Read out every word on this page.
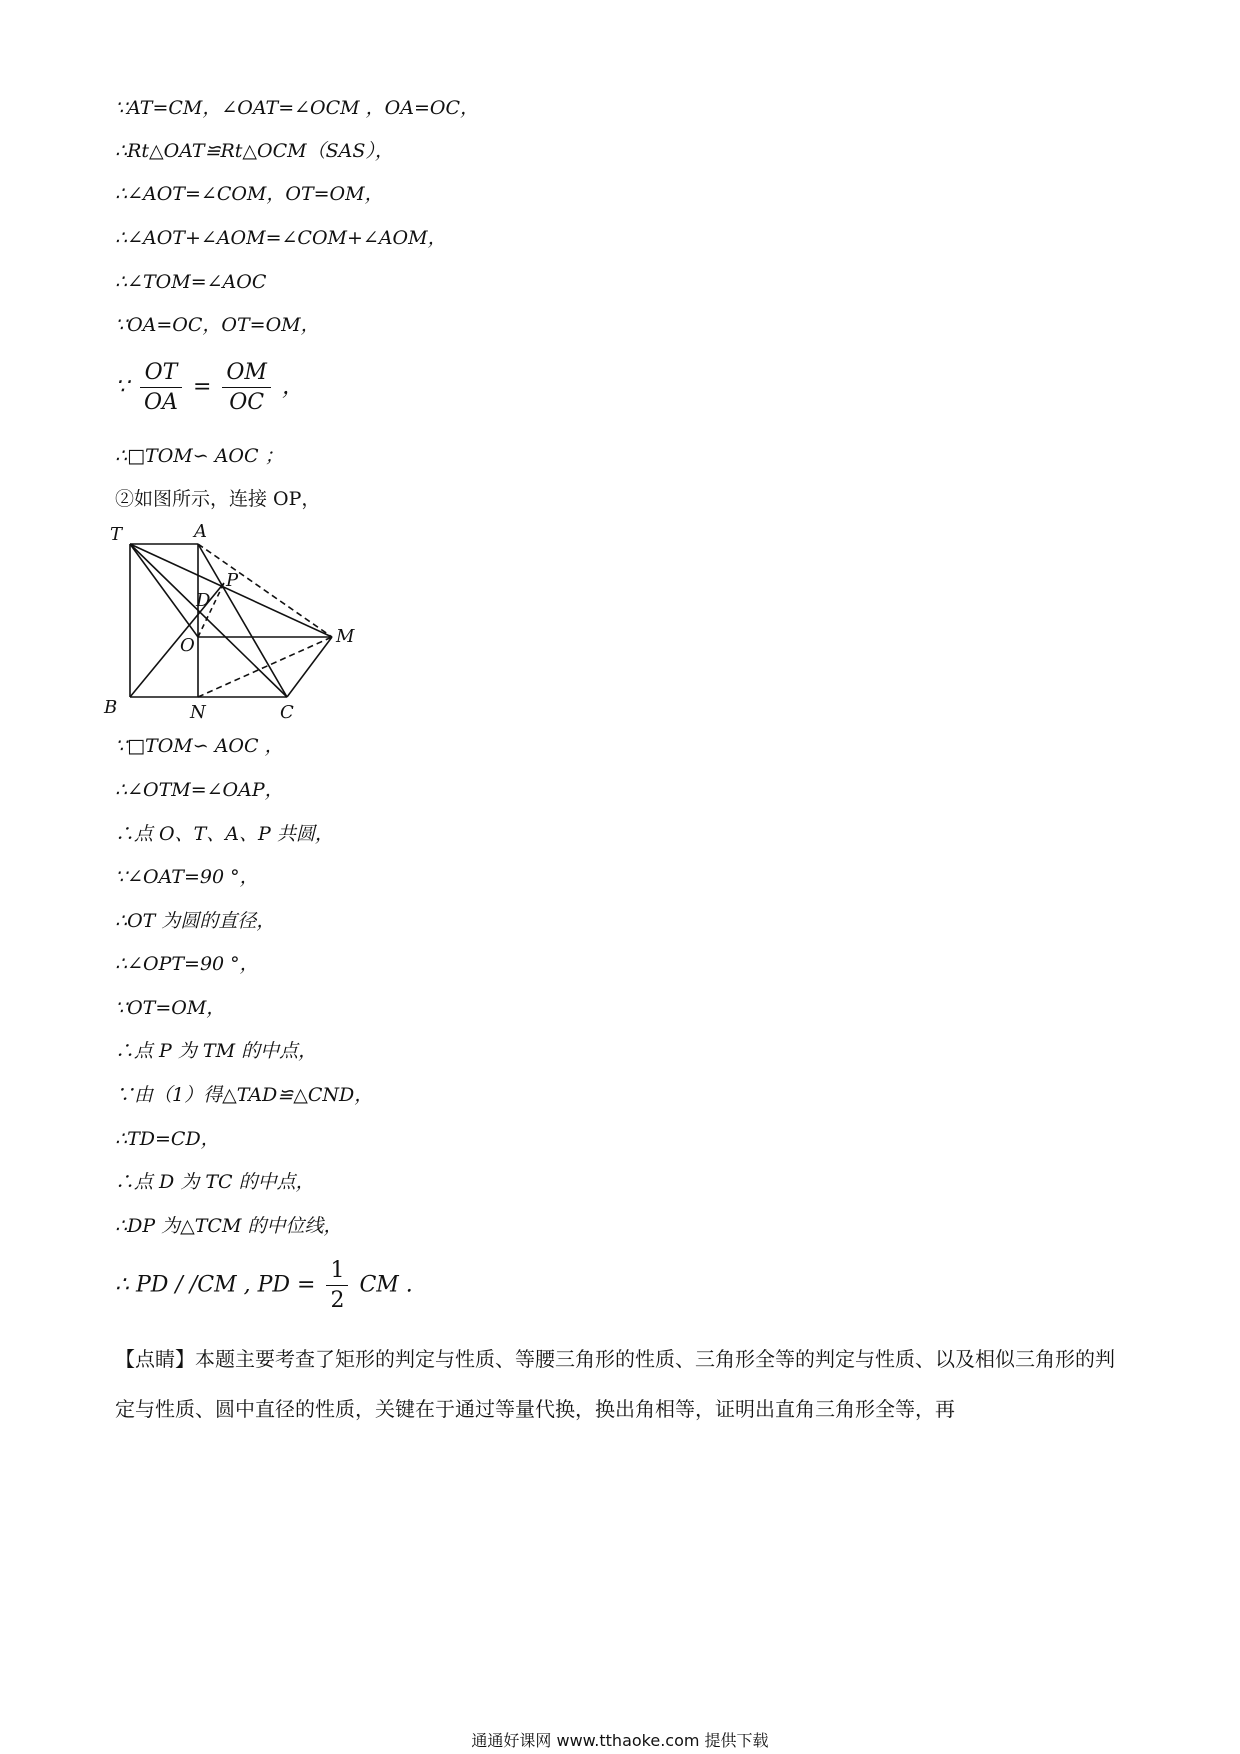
∵AT=CM，∠OAT=∠OCM ，OA=OC，
∴Rt△OAT≌Rt△OCM（SAS），
∴∠AOT=∠COM，OT=OM，
∴∠AOT+∠AOM=∠COM+∠AOM，
∴∠TOM=∠AOC
∵OA=OC，OT=OM，
∵ $\frac{OT}{OA} = \frac{OM}{OC}$ ，
∴□TOM∽ AOC ；
②如图所示，连接 OP，
T	A
P
D
O	M
B	N	C
∵□TOM∽ AOC ，
∴∠OTM=∠OAP，
∴点 O、T、A、P 共圆，
∵∠OAT=90 °，
∴OT 为圆的直径，
∴∠OPT=90 °，
∵OT=OM，
∴点 P 为 TM 的中点，
∵由（1）得△TAD≌△CND，
∴TD=CD，
∴点 D 为 TC 的中点，
∴DP 为△TCM 的中位线，
∴ PD / /CM , PD = $\frac{1}{2}$ CM .
【点睛】本题主要考查了矩形的判定与性质、等腰三角形的性质、三角形全等的判定与性质、以及相似三角形的判定与性质、圆中直径的性质，关键在于通过等量代换，换出角相等，证明出直角三角形全等，再
通通好课网 www.tthaoke.com 提供下载
